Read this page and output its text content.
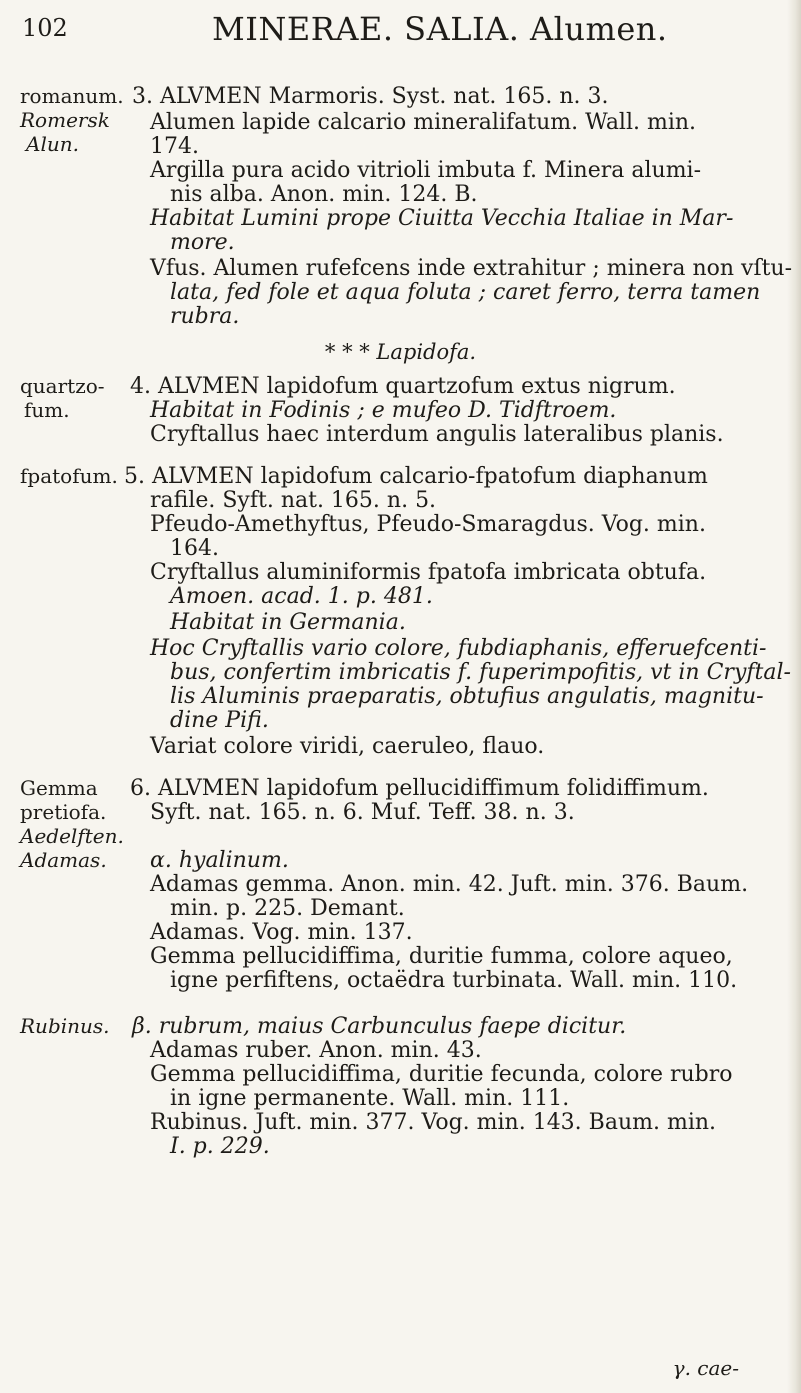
102	MINERAE. SALIA. Alumen.
romanum.
Romersk
Alun.
3. ALVMEN Marmoris. Syst. nat. 165. n. 3.
Alumen lapide calcario mineralifatum. Wall. min.
174.
Argilla pura acido vitrioli imbuta f. Minera alumi-
nis alba. Anon. min. 124. B.
Habitat Lumini prope Ciuitta Vecchia Italiae in Mar-
more.
Vfus. Alumen rufefcens inde extrahitur ; minera non vſtu-
lata, fed fole et aqua foluta ; caret ferro, terra tamen
rubra.
* * * Lapidofa.
quartzo-
fum.
4. ALVMEN lapidofum quartzofum extus nigrum.
Habitat in Fodinis ; e mufeo D. Tidftroem.
Cryftallus haec interdum angulis lateralibus planis.
fpatofum. 5. ALVMEN lapidofum calcario-fpatofum diaphanum
rafile. Syft. nat. 165. n. 5.
Pfeudo-Amethyftus, Pfeudo-Smaragdus. Vog. min.
164.
Cryftallus aluminiformis fpatofa imbricata obtufa.
Amoen. acad. 1. p. 481.
Habitat in Germania.
Hoc Cryftallis vario colore, fubdiaphanis, efferuefcenti-
bus, confertim imbricatis f. fuperimpofitis, vt in Cryftal-
lis Aluminis praeparatis, obtufius angulatis, magnitu-
dine Pifi.
Variat colore viridi, caeruleo, flauo.
Gemma
pretiofa.
Aedelften.
Adamas.
6. ALVMEN lapidofum pellucidiffimum folidiffimum.
Syft. nat. 165. n. 6. Muf. Teff. 38. n. 3.
α. hyalinum.
Adamas gemma. Anon. min. 42. Juft. min. 376. Baum.
min. p. 225. Demant.
Adamas. Vog. min. 137.
Gemma pellucidiffima, duritie fumma, colore aqueo,
igne perfiftens, octaëdra turbinata. Wall. min. 110.
Rubinus. β. rubrum, maius Carbunculus faepe dicitur.
Adamas ruber. Anon. min. 43.
Gemma pellucidiffima, duritie fecunda, colore rubro
in igne permanente. Wall. min. 111.
Rubinus. Juft. min. 377. Vog. min. 143. Baum. min.
I. p. 229.
γ. cae-
